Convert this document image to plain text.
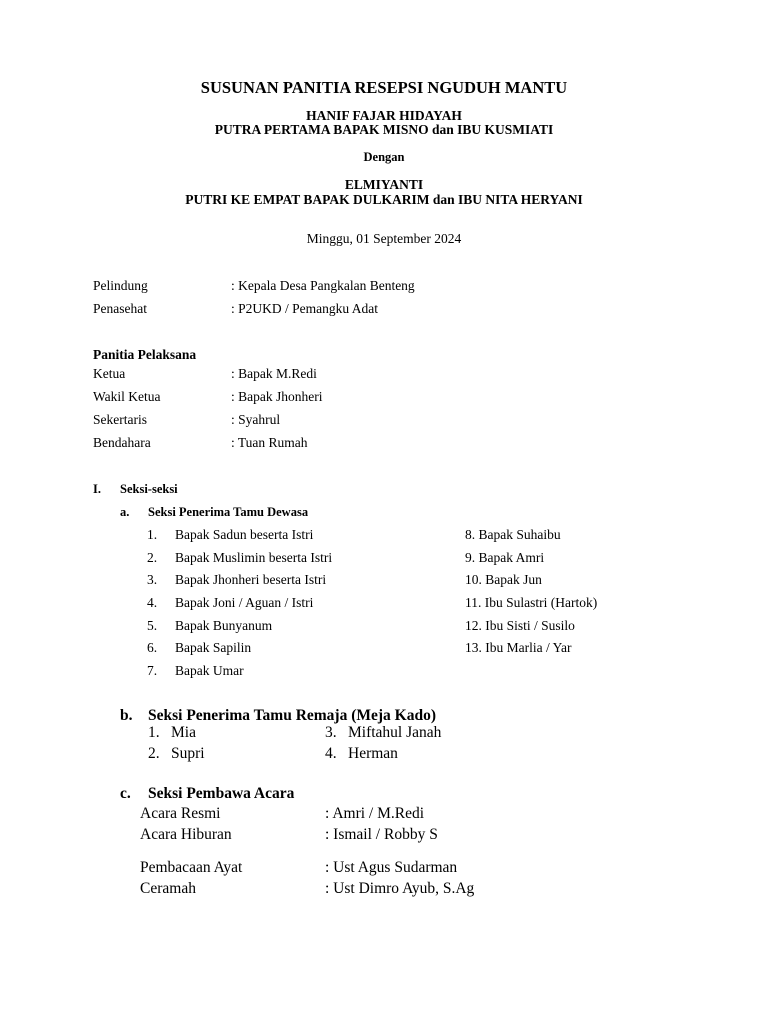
SUSUNAN PANITIA RESEPSI NGUDUH MANTU
HANIF FAJAR HIDAYAH
PUTRA PERTAMA BAPAK MISNO dan IBU KUSMIATI
Dengan
ELMIYANTI
PUTRI KE EMPAT BAPAK DULKARIM dan IBU NITA HERYANI
Minggu, 01 September 2024
Pelindung	: Kepala Desa Pangkalan Benteng
Penasehat	: P2UKD / Pemangku Adat
Panitia Pelaksana
Ketua	: Bapak M.Redi
Wakil Ketua	: Bapak Jhonheri
Sekertaris	: Syahrul
Bendahara	: Tuan Rumah
I. Seksi-seksi
a. Seksi Penerima Tamu Dewasa
1. Bapak Sadun beserta Istri
2. Bapak Muslimin beserta Istri
3. Bapak Jhonheri beserta Istri
4. Bapak Joni / Aguan / Istri
5. Bapak Bunyanum
6. Bapak Sapilin
7. Bapak Umar
8. Bapak Suhaibu
9. Bapak Amri
10. Bapak Jun
11. Ibu Sulastri (Hartok)
12. Ibu Sisti / Susilo
13. Ibu Marlia / Yar
b. Seksi Penerima Tamu Remaja (Meja Kado)
1. Mia	3. Miftahul Janah
2. Supri	4. Herman
c. Seksi Pembawa Acara
Acara Resmi	: Amri / M.Redi
Acara Hiburan	: Ismail / Robby S
Pembacaan Ayat	: Ust Agus Sudarman
Ceramah	: Ust Dimro Ayub, S.Ag
